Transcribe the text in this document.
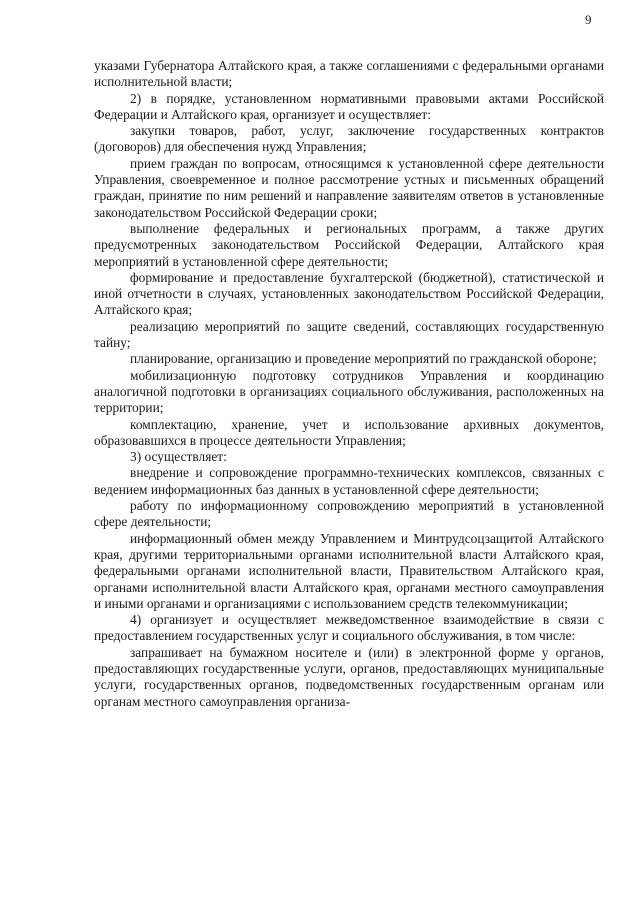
9

указами Губернатора Алтайского края, а также соглашениями с федеральными органами исполнительной власти;

2) в порядке, установленном нормативными правовыми актами Российской Федерации и Алтайского края, организует и осуществляет:

закупки товаров, работ, услуг, заключение государственных контрактов (договоров) для обеспечения нужд Управления;

прием граждан по вопросам, относящимся к установленной сфере деятельности Управления, своевременное и полное рассмотрение устных и письменных обращений граждан, принятие по ним решений и направление заявителям ответов в установленные законодательством Российской Федерации сроки;

выполнение федеральных и региональных программ, а также других предусмотренных законодательством Российской Федерации, Алтайского края мероприятий в установленной сфере деятельности;

формирование и предоставление бухгалтерской (бюджетной), статистической и иной отчетности в случаях, установленных законодательством Российской Федерации, Алтайского края;

реализацию мероприятий по защите сведений, составляющих государственную тайну;

планирование, организацию и проведение мероприятий по гражданской обороне;

мобилизационную подготовку сотрудников Управления и координацию аналогичной подготовки в организациях социального обслуживания, расположенных на территории;

комплектацию, хранение, учет и использование архивных документов, образовавшихся в процессе деятельности Управления;

3) осуществляет:

внедрение и сопровождение программно-технических комплексов, связанных с ведением информационных баз данных в установленной сфере деятельности;

работу по информационному сопровождению мероприятий в установленной сфере деятельности;

информационный обмен между Управлением и Минтрудсоцзащитой Алтайского края, другими территориальными органами исполнительной власти Алтайского края, федеральными органами исполнительной власти, Правительством Алтайского края, органами исполнительной власти Алтайского края, органами местного самоуправления и иными органами и организациями с использованием средств телекоммуникации;

4) организует и осуществляет межведомственное взаимодействие в связи с предоставлением государственных услуг и социального обслуживания, в том числе:

запрашивает на бумажном носителе и (или) в электронной форме у органов, предоставляющих государственные услуги, органов, предоставляющих муниципальные услуги, государственных органов, подведомственных государственным органам или органам местного самоуправления организа-
